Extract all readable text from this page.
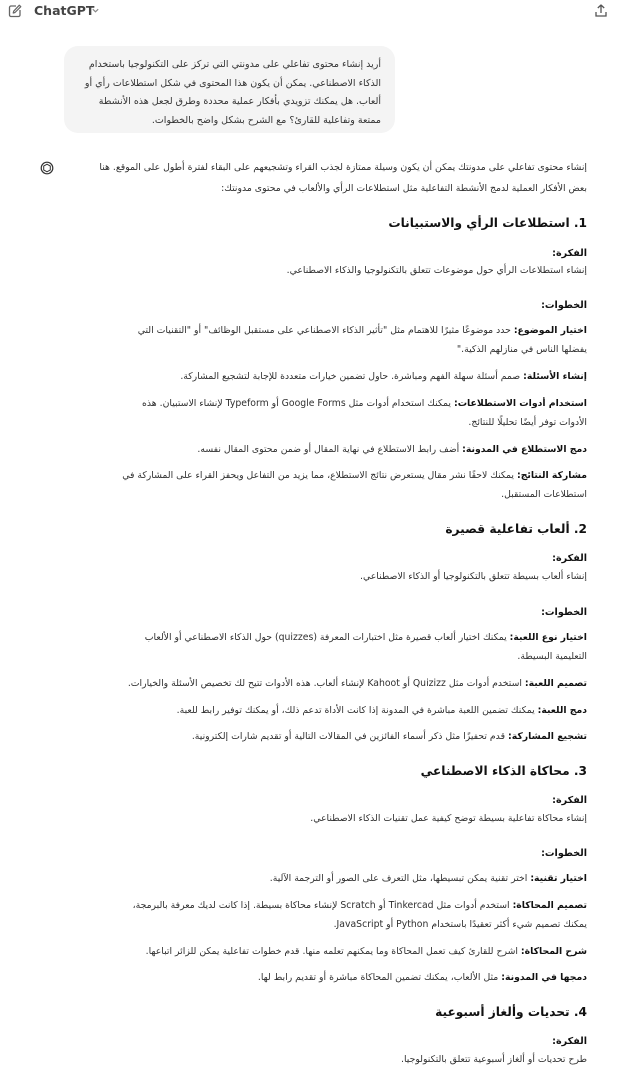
ChatGPT
أريد إنشاء محتوى تفاعلي على مدونتي التي تركز على التكنولوجيا باستخدام الذكاء الاصطناعي. يمكن أن يكون هذا المحتوى في شكل استطلاعات رأي أو ألعاب. هل يمكنك تزويدي بأفكار عملية محددة وطرق لجعل هذه الأنشطة ممتعة وتفاعلية للقارئ؟ مع الشرح بشكل واضح بالخطوات.
إنشاء محتوى تفاعلي على مدونتك يمكن أن يكون وسيلة ممتازة لجذب القراء وتشجيعهم على البقاء لفترة أطول على الموقع. هنا
بعض الأفكار العملية لدمج الأنشطة التفاعلية مثل استطلاعات الرأي والألعاب في محتوى مدونتك:
1. استطلاعات الرأي والاستبيانات
الفكرة:
إنشاء استطلاعات الرأي حول موضوعات تتعلق بالتكنولوجيا والذكاء الاصطناعي.
الخطوات:
اختيار الموضوع: حدد موضوعًا مثيرًا للاهتمام مثل "تأثير الذكاء الاصطناعي على مستقبل الوظائف" أو "التقنيات التي
يفضلها الناس في منازلهم الذكية."
إنشاء الأسئلة: صمم أسئلة سهلة الفهم ومباشرة. حاول تضمين خيارات متعددة للإجابة لتشجيع المشاركة.
استخدام أدوات الاستطلاعات: يمكنك استخدام أدوات مثل Google Forms أو Typeform لإنشاء الاستبيان. هذه
الأدوات توفر أيضًا تحليلًا للنتائج.
دمج الاستطلاع في المدونة: أضف رابط الاستطلاع في نهاية المقال أو ضمن محتوى المقال نفسه.
مشاركة النتائج: يمكنك لاحقًا نشر مقال يستعرض نتائج الاستطلاع، مما يزيد من التفاعل ويحفز القراء على المشاركة في
استطلاعات المستقبل.
2. ألعاب تفاعلية قصيرة
الفكرة:
إنشاء ألعاب بسيطة تتعلق بالتكنولوجيا أو الذكاء الاصطناعي.
الخطوات:
اختيار نوع اللعبة: يمكنك اختيار ألعاب قصيرة مثل اختبارات المعرفة (quizzes) حول الذكاء الاصطناعي أو الألعاب
التعليمية البسيطة.
تصميم اللعبة: استخدم أدوات مثل Quizizz أو Kahoot لإنشاء ألعاب. هذه الأدوات تتيح لك تخصيص الأسئلة والخيارات.
دمج اللعبة: يمكنك تضمين اللعبة مباشرة في المدونة إذا كانت الأداة تدعم ذلك، أو يمكنك توفير رابط للعبة.
تشجيع المشاركة: قدم تحفيزًا مثل ذكر أسماء الفائزين في المقالات التالية أو تقديم شارات إلكترونية.
3. محاكاة الذكاء الاصطناعي
الفكرة:
إنشاء محاكاة تفاعلية بسيطة توضح كيفية عمل تقنيات الذكاء الاصطناعي.
الخطوات:
اختيار تقنية: اختر تقنية يمكن تبسيطها، مثل التعرف على الصور أو الترجمة الآلية.
تصميم المحاكاة: استخدم أدوات مثل Tinkercad أو Scratch لإنشاء محاكاة بسيطة. إذا كانت لديك معرفة بالبرمجة،
يمكنك تصميم شيء أكثر تعقيدًا باستخدام Python أو JavaScript.
شرح المحاكاة: اشرح للقارئ كيف تعمل المحاكاة وما يمكنهم تعلمه منها. قدم خطوات تفاعلية يمكن للزائر اتباعها.
دمجها في المدونة: مثل الألعاب، يمكنك تضمين المحاكاة مباشرة أو تقديم رابط لها.
4. تحديات وألغاز أسبوعية
الفكرة:
طرح تحديات أو ألغاز أسبوعية تتعلق بالتكنولوجيا.
